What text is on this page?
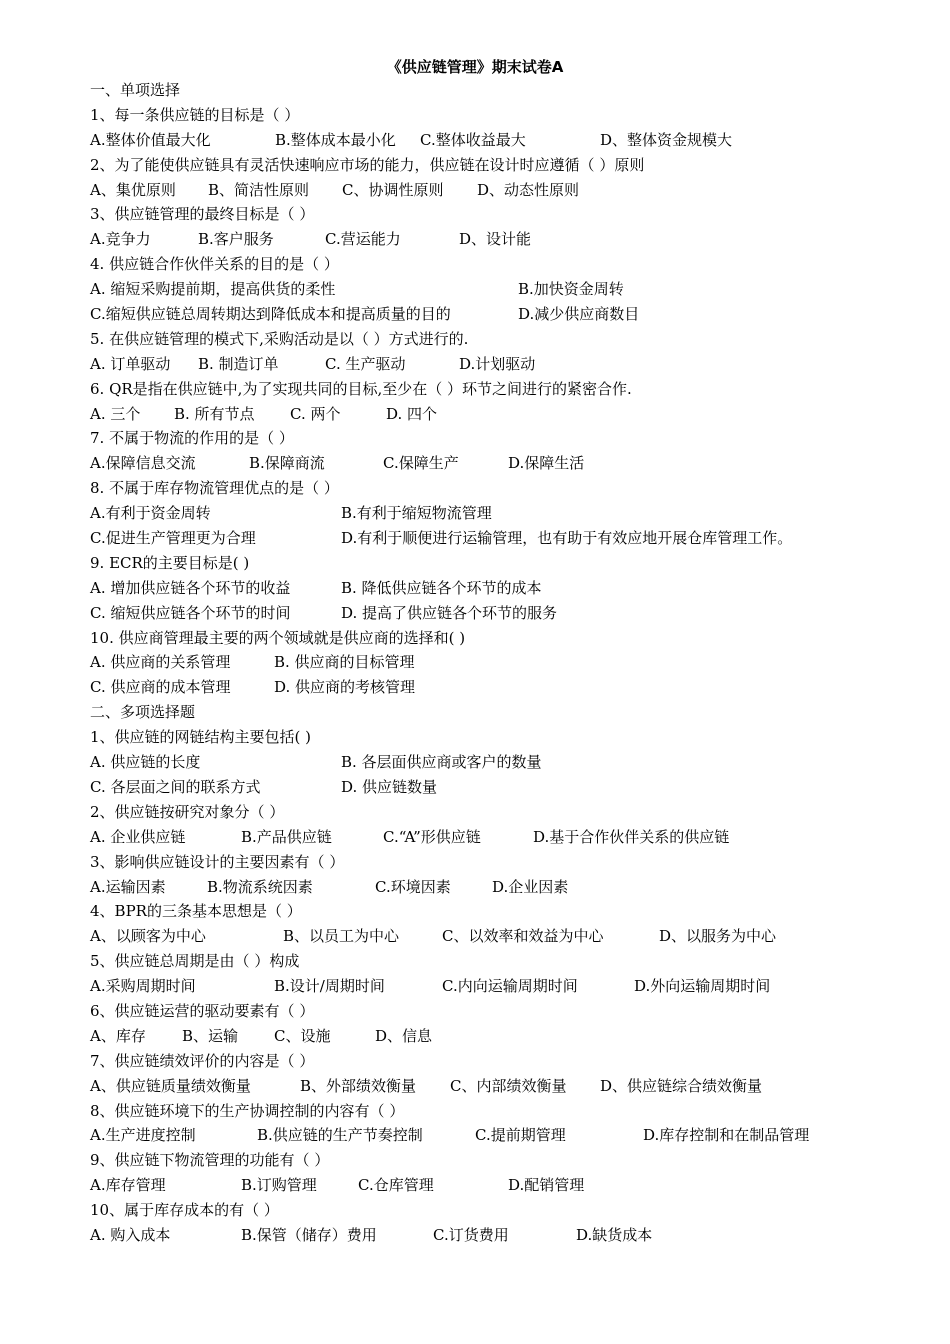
《供应链管理》期末试卷A
一、单项选择
1、每一条供应链的目标是（ ）
A.整体价值最大化	B.整体成本最小化 C.整体收益最大	D、整体资金规模大
2、为了能使供应链具有灵活快速响应市场的能力，供应链在设计时应遵循（ ）原则
A、集优原则 B、简洁性原则 C、协调性原则 D、动态性原则
3、供应链管理的最终目标是（ ）
A.竞争力	B.客户服务	C.营运能力	D、设计能
4. 供应链合作伙伴关系的目的是（ ）
A. 缩短采购提前期，提高供货的柔性	B.加快资金周转
C.缩短供应链总周转期达到降低成本和提高质量的目的	D.减少供应商数目
5. 在供应链管理的模式下,采购活动是以（ ）方式进行的.
A. 订单驱动 B. 制造订单	C. 生产驱动	D.计划驱动
6. QR是指在供应链中,为了实现共同的目标,至少在（ ）环节之间进行的紧密合作.
A. 三个 B. 所有节点 C. 两个	D. 四个
7. 不属于物流的作用的是（ ）
A.保障信息交流	B.保障商流	C.保障生产	D.保障生活
8. 不属于库存物流管理优点的是（ ）
A.有利于资金周转	B.有利于缩短物流管理
C.促进生产管理更为合理	D.有利于顺便进行运输管理，也有助于有效应地开展仓库管理工作。
9. ECR的主要目标是( )
A. 增加供应链各个环节的收益	B. 降低供应链各个环节的成本
C. 缩短供应链各个环节的时间	D. 提高了供应链各个环节的服务
10. 供应商管理最主要的两个领域就是供应商的选择和( )
A. 供应商的关系管理	B. 供应商的目标管理
C. 供应商的成本管理	D. 供应商的考核管理
二、多项选择题
1、供应链的网链结构主要包括( )
A. 供应链的长度	B. 各层面供应商或客户的数量
C. 各层面之间的联系方式	D. 供应链数量
2、供应链按研究对象分（ ）
A. 企业供应链	B.产品供应链	C.“A”形供应链	D.基于合作伙伴关系的供应链
3、影响供应链设计的主要因素有（ ）
A.运输因素	B.物流系统因素	C.环境因素	D.企业因素
4、BPR的三条基本思想是（ ）
A、以顾客为中心	B、以员工为中心	C、以效率和效益为中心	D、以服务为中心
5、供应链总周期是由（ ）构成
A.采购周期时间	B.设计/周期时间	C.内向运输周期时间	D.外向运输周期时间
6、供应链运营的驱动要素有（ ）
A、库存 B、运输 C、设施	D、信息
7、供应链绩效评价的内容是（ ）
A、供应链质量绩效衡量	B、外部绩效衡量 C、内部绩效衡量 D、供应链综合绩效衡量
8、供应链环境下的生产协调控制的内容有（ ）
A.生产进度控制	B.供应链的生产节奏控制	C.提前期管理	D.库存控制和在制品管理
9、供应链下物流管理的功能有（ ）
A.库存管理	B.订购管理	C.仓库管理	D.配销管理
10、属于库存成本的有（ ）
A. 购入成本	B.保管（储存）费用	C.订货费用	D.缺货成本
